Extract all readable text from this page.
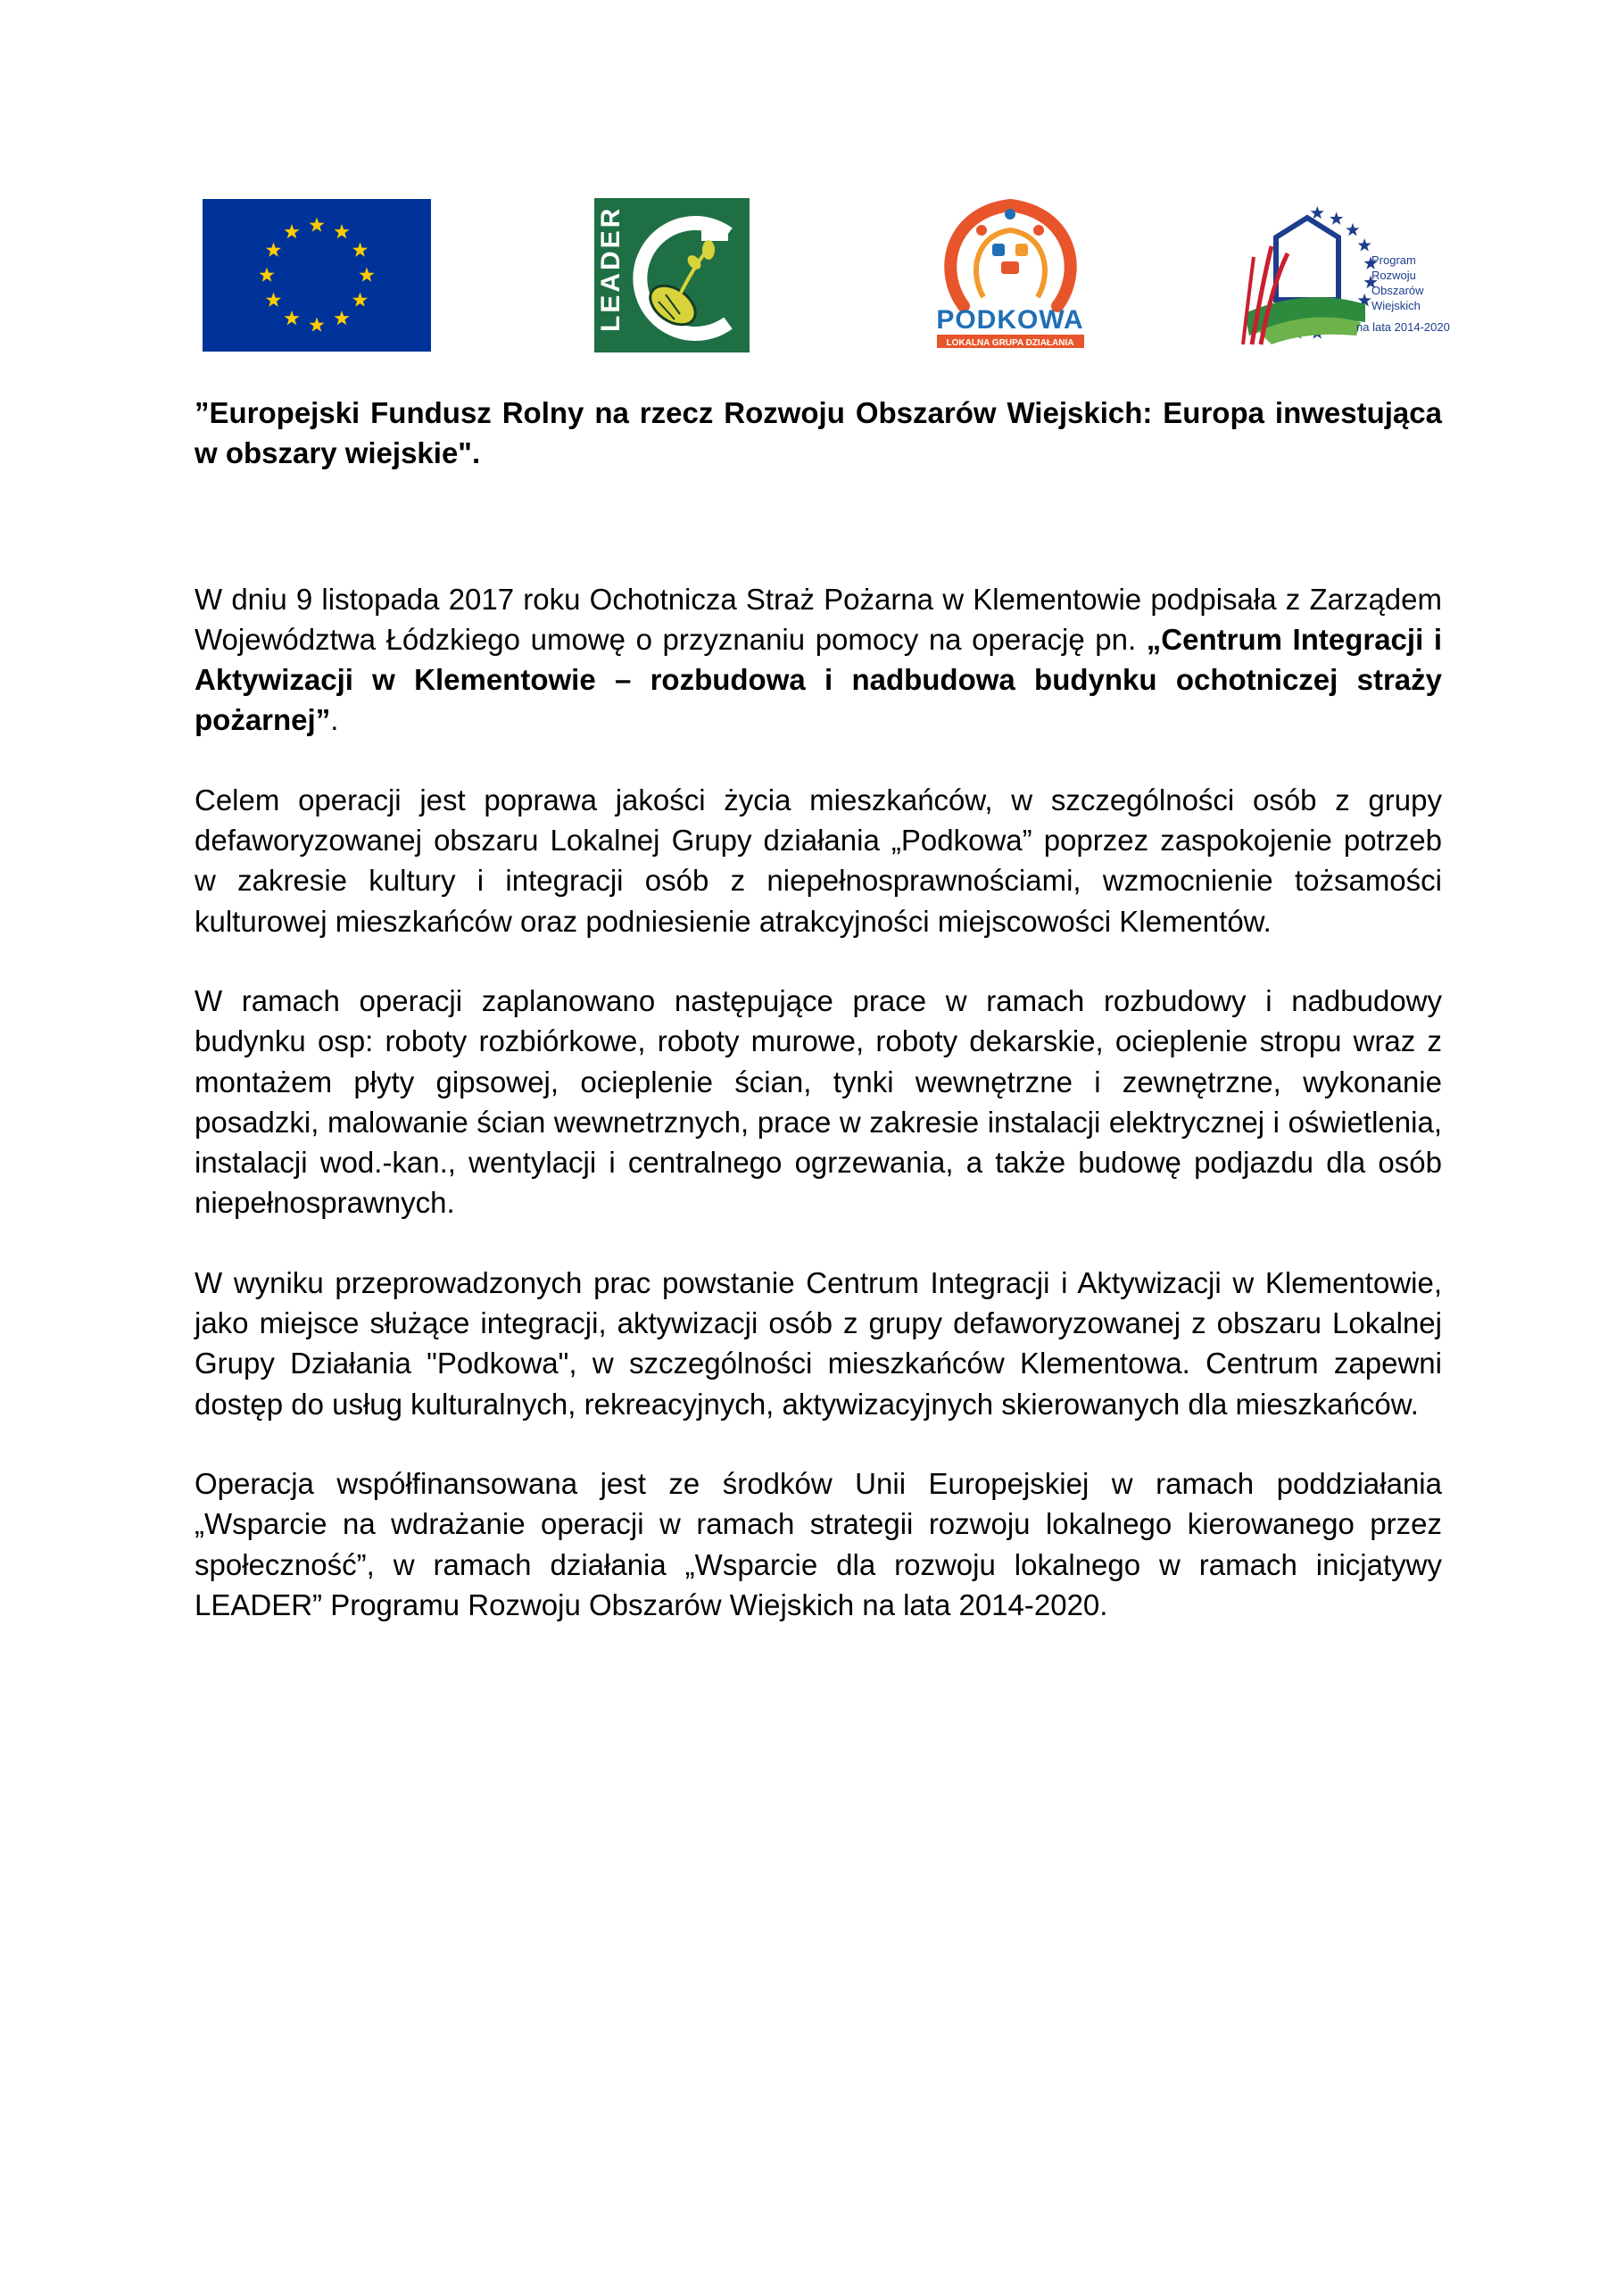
LEADER	PODKOWA
LOKALNA GRUPA DZIAŁANIA
Program
Rozwoju
Obszarów
Wiejskich
na lata 2014-2020

”Europejski Fundusz Rolny na rzecz Rozwoju Obszarów Wiejskich: Europa inwestująca w obszary wiejskie".

W dniu 9 listopada 2017 roku Ochotnicza Straż Pożarna w Klementowie podpisała z Zarządem Województwa Łódzkiego umowę o przyznaniu pomocy na operację pn. „Centrum Integracji i Aktywizacji w Klementowie – rozbudowa i nadbudowa budynku ochotniczej straży pożarnej”.

Celem operacji jest poprawa jakości życia mieszkańców, w szczególności osób z grupy defaworyzowanej obszaru Lokalnej Grupy działania „Podkowa” poprzez zaspokojenie potrzeb w zakresie kultury i integracji osób z niepełnosprawnościami, wzmocnienie tożsamości kulturowej mieszkańców oraz podniesienie atrakcyjności miejscowości Klementów.

W ramach operacji zaplanowano następujące prace w ramach rozbudowy i nadbudowy budynku osp: roboty rozbiórkowe, roboty murowe, roboty dekarskie, ocieplenie stropu wraz z montażem płyty gipsowej, ocieplenie ścian, tynki wewnętrzne i zewnętrzne, wykonanie posadzki, malowanie ścian wewnetrznych, prace w zakresie instalacji elektrycznej i oświetlenia, instalacji wod.-kan., wentylacji i centralnego ogrzewania, a także budowę podjazdu dla osób niepełnosprawnych.

W wyniku przeprowadzonych prac powstanie Centrum Integracji i Aktywizacji w Klementowie, jako miejsce służące integracji, aktywizacji osób z grupy defaworyzowanej z obszaru Lokalnej Grupy Działania "Podkowa", w szczególności mieszkańców Klementowa. Centrum zapewni dostęp do usług kulturalnych, rekreacyjnych, aktywizacyjnych skierowanych dla mieszkańców.

Operacja współfinansowana jest ze środków Unii Europejskiej w ramach poddziałania „Wsparcie na wdrażanie operacji w ramach strategii rozwoju lokalnego kierowanego przez społeczność”, w ramach działania „Wsparcie dla rozwoju lokalnego w ramach inicjatywy LEADER” Programu Rozwoju Obszarów Wiejskich na lata 2014-2020.
